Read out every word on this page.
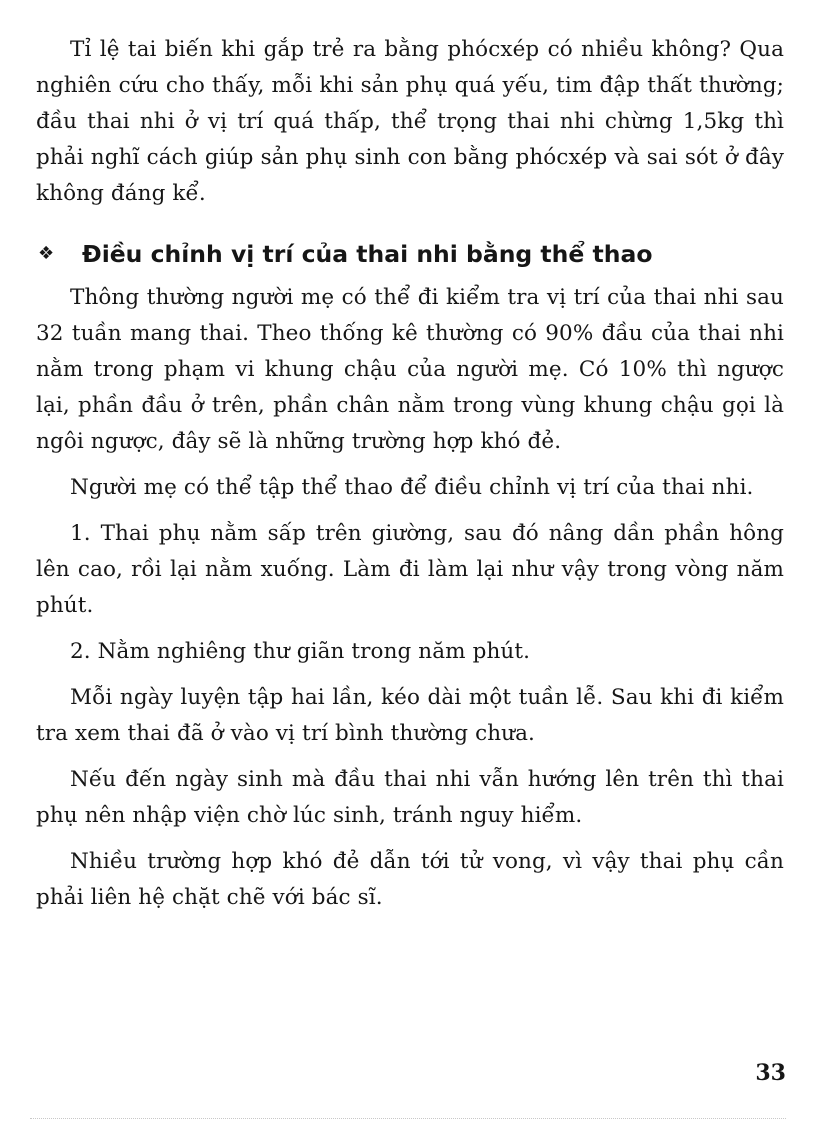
Tỉ lệ tai biến khi gắp trẻ ra bằng phócxép có nhiều không? Qua nghiên cứu cho thấy, mỗi khi sản phụ quá yếu, tim đập thất thường; đầu thai nhi ở vị trí quá thấp, thể trọng thai nhi chừng 1,5kg thì phải nghĩ cách giúp sản phụ sinh con bằng phócxép và sai sót ở đây không đáng kể.

❖	Điều chỉnh vị trí của thai nhi bằng thể thao

Thông thường người mẹ có thể đi kiểm tra vị trí của thai nhi sau 32 tuần mang thai. Theo thống kê thường có 90% đầu của thai nhi nằm trong phạm vi khung chậu của người mẹ. Có 10% thì ngược lại, phần đầu ở trên, phần chân nằm trong vùng khung chậu gọi là ngôi ngược, đây sẽ là những trường hợp khó đẻ.

Người mẹ có thể tập thể thao để điều chỉnh vị trí của thai nhi.

1. Thai phụ nằm sấp trên giường, sau đó nâng dần phần hông lên cao, rồi lại nằm xuống. Làm đi làm lại như vậy trong vòng năm phút.

2. Nằm nghiêng thư giãn trong năm phút.

Mỗi ngày luyện tập hai lần, kéo dài một tuần lễ. Sau khi đi kiểm tra xem thai đã ở vào vị trí bình thường chưa.

Nếu đến ngày sinh mà đầu thai nhi vẫn hướng lên trên thì thai phụ nên nhập viện chờ lúc sinh, tránh nguy hiểm.

Nhiều trường hợp khó đẻ dẫn tới tử vong, vì vậy thai phụ cần phải liên hệ chặt chẽ với bác sĩ.

33
